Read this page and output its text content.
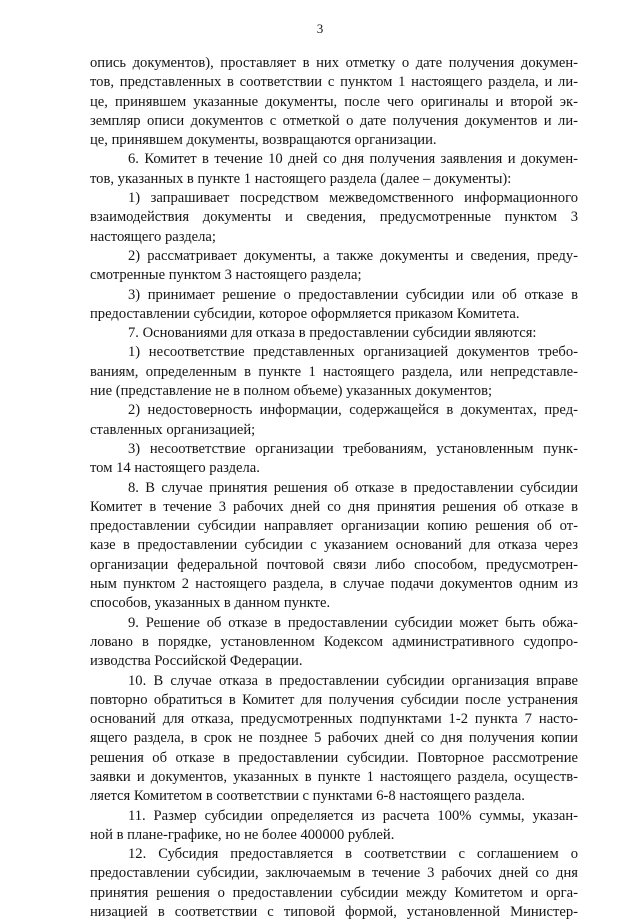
3
опись документов), проставляет в них отметку о дате получения докумен-
тов, представленных в соответствии с пунктом 1 настоящего раздела, и ли-
це, принявшем указанные документы, после чего оригиналы и второй эк-
земпляр описи документов с отметкой о дате получения документов и ли-
це, принявшем документы, возвращаются организации.
6. Комитет в течение 10 дней со дня получения заявления и докумен-
тов, указанных в пункте 1 настоящего раздела (далее – документы):
1) запрашивает посредством межведомственного информационного
взаимодействия документы и сведения, предусмотренные пунктом 3
настоящего раздела;
2) рассматривает документы, а также документы и сведения, преду-
смотренные пунктом 3 настоящего раздела;
3) принимает решение о предоставлении субсидии или об отказе в
предоставлении субсидии, которое оформляется приказом Комитета.
7. Основаниями для отказа в предоставлении субсидии являются:
1) несоответствие представленных организацией документов требо-
ваниям, определенным в пункте 1 настоящего раздела, или непредставле-
ние (представление не в полном объеме) указанных документов;
2) недостоверность информации, содержащейся в документах, пред-
ставленных организацией;
3) несоответствие организации требованиям, установленным пунк-
том 14 настоящего раздела.
8. В случае принятия решения об отказе в предоставлении субсидии
Комитет в течение 3 рабочих дней со дня принятия решения об отказе в
предоставлении субсидии направляет организации копию решения об от-
казе в предоставлении субсидии с указанием оснований для отказа через
организации федеральной почтовой связи либо способом, предусмотрен-
ным пунктом 2 настоящего раздела, в случае подачи документов одним из
способов, указанных в данном пункте.
9. Решение об отказе в предоставлении субсидии может быть обжа-
ловано в порядке, установленном Кодексом административного судопро-
изводства Российской Федерации.
10. В случае отказа в предоставлении субсидии организация вправе
повторно обратиться в Комитет для получения субсидии после устранения
оснований для отказа, предусмотренных подпунктами 1-2 пункта 7 насто-
ящего раздела, в срок не позднее 5 рабочих дней со дня получения копии
решения об отказе в предоставлении субсидии. Повторное рассмотрение
заявки и документов, указанных в пункте 1 настоящего раздела, осуществ-
ляется Комитетом в соответствии с пунктами 6-8 настоящего раздела.
11. Размер субсидии определяется из расчета 100% суммы, указан-
ной в плане-графике, но не более 400000 рублей.
12. Субсидия предоставляется в соответствии с соглашением о
предоставлении субсидии, заключаемым в течение 3 рабочих дней со дня
принятия решения о предоставлении субсидии между Комитетом и орга-
низацией в соответствии с типовой формой, установленной Министер-
